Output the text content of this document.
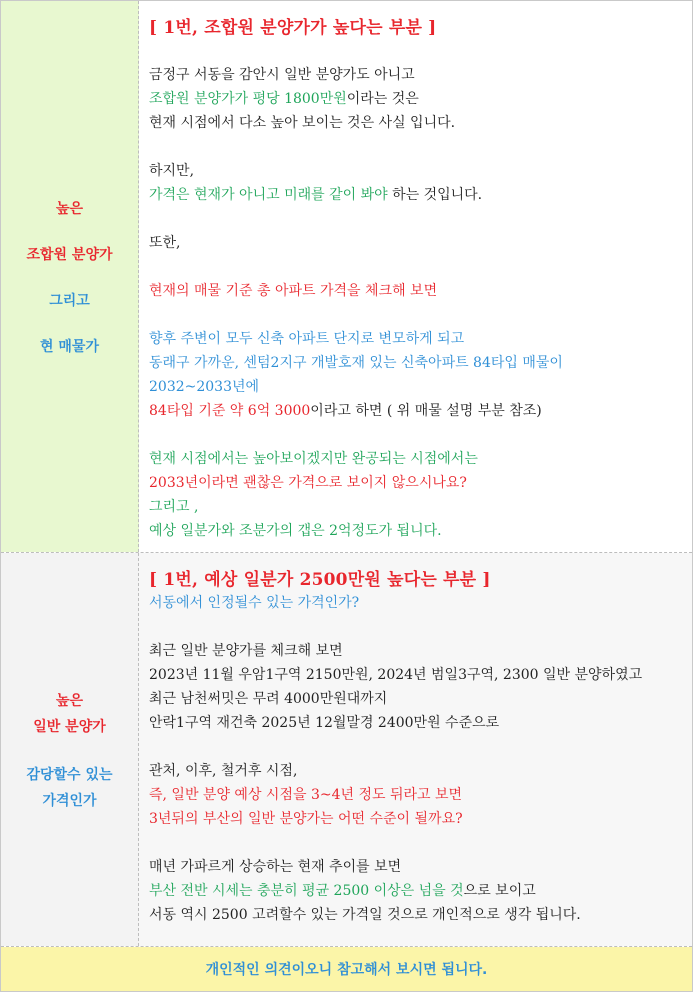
높은
조합원 분양가
그리고
현 매물가
[ 1번, 조합원 분양가가 높다는 부분 ]
금정구 서동을 감안시 일반 분양가도 아니고
조합원 분양가가 평당 1800만원이라는 것은
현재 시점에서 다소 높아 보이는 것은 사실 입니다.
하지만,
가격은 현재가 아니고 미래를 같이 봐야 하는 것입니다.
또한,
현재의 매물 기준 총 아파트 가격을 체크해 보면
향후 주변이 모두 신축 아파트 단지로 변모하게 되고
동래구 가까운, 센텀2지구 개발호재 있는 신축아파트 84타입 매물이
2032~2033년에
84타입 기준 약 6억 3000이라고 하면 ( 위 매물 설명 부분 참조)
현재 시점에서는 높아보이겠지만 완공되는 시점에서는
2033년이라면 괜찮은 가격으로 보이지 않으시나요?
그리고 ,
예상 일분가와 조분가의 갭은 2억정도가 됩니다.
높은
일반 분양가
감당할수 있는
가격인가
[ 1번, 예상 일분가 2500만원 높다는 부분 ]
서동에서 인정될수 있는 가격인가?
최근 일반 분양가를 체크해 보면
2023년 11월 우암1구역 2150만원, 2024년 범일3구역, 2300 일반 분양하였고
최근 남천써밋은 무려 4000만원대까지
안락1구역 재건축 2025년 12월말경 2400만원 수준으로
관처, 이후, 철거후 시점,
즉, 일반 분양 예상 시점을 3~4년 정도 뒤라고 보면
3년뒤의 부산의 일반 분양가는 어떤 수준이 될까요?
매년 가파르게 상승하는 현재 추이를 보면
부산 전반 시세는 충분히 평균 2500 이상은 넘을 것으로 보이고
서동 역시 2500 고려할수 있는 가격일 것으로 개인적으로 생각 됩니다.
개인적인 의견이오니 참고해서 보시면 됩니다.
